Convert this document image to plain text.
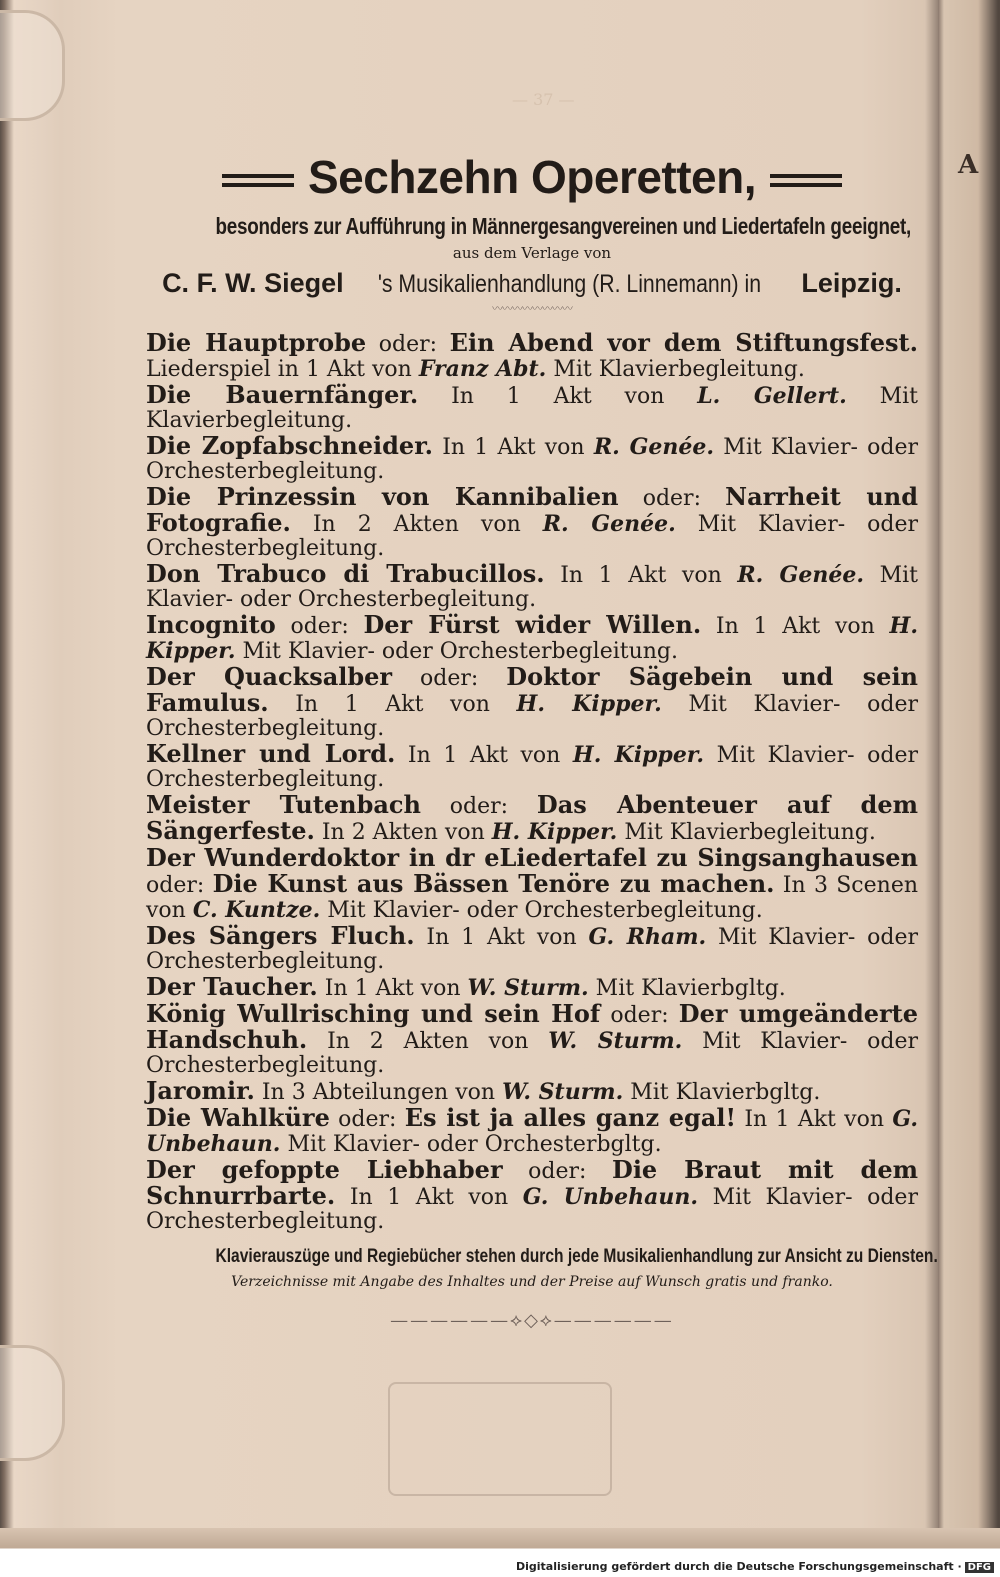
A
— 37 —
Sechzehn Operetten,
besonders zur Aufführung in Männergesangvereinen und Liedertafeln geeignet,
aus dem Verlage von
C. F. W. Siegel 's Musikalienhandlung (R. Linnemann) in Leipzig.
〰〰〰〰〰〰〰〰
Die Hauptprobe oder: Ein Abend vor dem Stiftungsfest. Liederspiel in 1 Akt von Franz Abt. Mit Klavierbegleitung.
Die Bauernfänger. In 1 Akt von L. Gellert. Mit Klavierbegleitung.
Die Zopfabschneider. In 1 Akt von R. Genée. Mit Klavier- oder Orchesterbegleitung.
Die Prinzessin von Kannibalien oder: Narrheit und Fotografie. In 2 Akten von R. Genée. Mit Klavier- oder Orchesterbegleitung.
Don Trabuco di Trabucillos. In 1 Akt von R. Genée. Mit Klavier- oder Orchesterbegleitung.
Incognito oder: Der Fürst wider Willen. In 1 Akt von H. Kipper. Mit Klavier- oder Orchesterbegleitung.
Der Quacksalber oder: Doktor Sägebein und sein Famulus. In 1 Akt von H. Kipper. Mit Klavier- oder Orchesterbegleitung.
Kellner und Lord. In 1 Akt von H. Kipper. Mit Klavier- oder Orchesterbegleitung.
Meister Tutenbach oder: Das Abenteuer auf dem Sängerfeste. In 2 Akten von H. Kipper. Mit Klavierbegleitung.
Der Wunderdoktor in dr eLiedertafel zu Singsanghausen oder: Die Kunst aus Bässen Tenöre zu machen. In 3 Scenen von C. Kuntze. Mit Klavier- oder Orchesterbegleitung.
Des Sängers Fluch. In 1 Akt von G. Rham. Mit Klavier- oder Orchesterbegleitung.
Der Taucher. In 1 Akt von W. Sturm. Mit Klavierbgltg.
König Wullrisching und sein Hof oder: Der umgeänderte Handschuh. In 2 Akten von W. Sturm. Mit Klavier- oder Orchesterbegleitung.
Jaromir. In 3 Abteilungen von W. Sturm. Mit Klavierbgltg.
Die Wahlküre oder: Es ist ja alles ganz egal! In 1 Akt von G. Unbehaun. Mit Klavier- oder Orchesterbgltg.
Der gefoppte Liebhaber oder: Die Braut mit dem Schnurrbarte. In 1 Akt von G. Unbehaun. Mit Klavier- oder Orchesterbegleitung.
Klavierauszüge und Regiebücher stehen durch jede Musikalienhandlung zur Ansicht zu Diensten.
Verzeichnisse mit Angabe des Inhaltes und der Preise auf Wunsch gratis und franko.
——————⟡◇⟡——————
Digitalisierung gefördert durch die Deutsche Forschungsgemeinschaft · DFG
